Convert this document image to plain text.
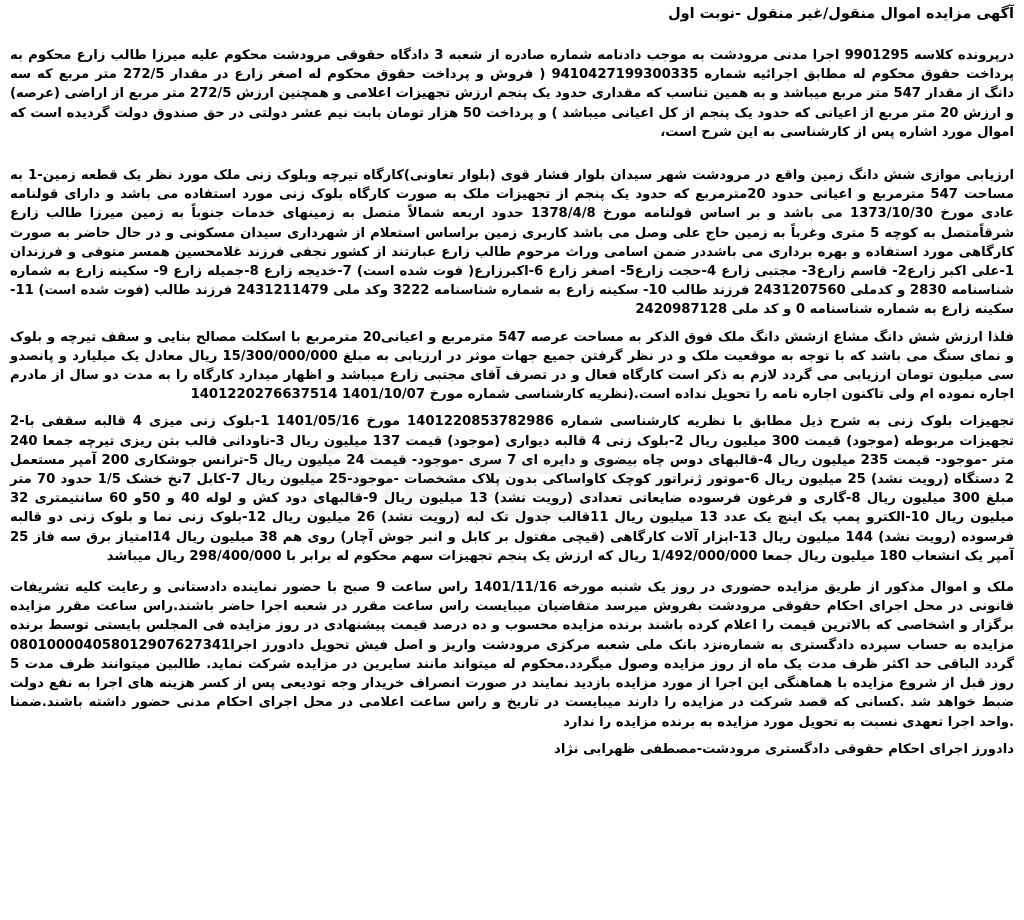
آگهی مزایده اموال منقول/غیر منقول -نوبت اول

درپرونده کلاسه 9901295 اجرا مدنی مرودشت به موجب دادنامه شماره صادره از شعبه 3 دادگاه حقوقی مرودشت محکوم علیه میرزا طالب زارع محکوم به پرداخت حقوق محکوم له مطابق اجرائیه شماره 9410427199300335 ( فروش و پرداخت حقوق محکوم له اصغر زارع در مقدار 272/5 متر مربع که سه دانگ از مقدار 547 متر مربع میباشد و به همین تناسب که مقداری حدود یک پنجم ارزش تجهیزات اعلامی و همچنین ارزش 272/5 متر مربع از اراضی (عرصه) و ارزش 20 متر مربع از اعیانی که حدود یک پنجم از کل اعیانی میباشد ) و پرداخت 50 هزار تومان بابت نیم عشر دولتی در حق صندوق دولت گردیده است که اموال مورد اشاره پس از کارشناسی به این شرح است،

ارزیابی موازی شش دانگ زمین واقع در مرودشت شهر سیدان بلوار فشار قوی (بلوار تعاونی)کارگاه تیرچه وبلوک زنی ملک مورد نظر یک قطعه زمین-1 به مساحت 547 مترمربع و اعیانی حدود 20مترمربع که حدود یک پنجم از تجهیزات ملک به صورت کارگاه بلوک زنی مورد استفاده می باشد و دارای قولنامه عادی مورخ 1373/10/30 می باشد و بر اساس قولنامه مورخ 1378/4/8 حدود اربعه شمالاً متصل به زمینهای خدمات جنوباً به زمین میرزا طالب زارع شرقاًمتصل به کوچه 5 متری وغرباً به زمین حاج علی وصل می باشد کاربری زمین براساس استعلام از شهرداری سیدان مسکونی و در حال حاضر به صورت کارگاهی مورد استفاده و بهره برداری می باشددر ضمن اسامی وراث مرحوم طالب زارع عبارتند از کشور نجفی فرزند غلامحسین همسر متوفی و فرزندان 1-علی اکبر زارع2- قاسم زارع3- مجتبی زارع 4-حجت زارع5- اصغر زارع 6-اکبرزارع( فوت شده است) 7-خدیجه زارع 8-جمیله زارع 9- سکینه زارع به شماره شناسنامه 2830 و کدملی 2431207560 فرزند طالب 10- سکینه زارع به شماره شناسنامه 3222 وکد ملی 2431211479 فرزند طالب (فوت شده است) 11- سکینه زارع به شماره شناسنامه 0 و کد ملی 2420987128

فلذا ارزش شش دانگ مشاع ازشش دانگ ملک فوق الذکر به مساحت عرصه 547 مترمربع و اعیانی20 مترمربع با اسکلت مصالح بنایی و سقف تیرچه و بلوک و نمای سنگ می باشد که با توجه به موقعیت ملک و در نظر گرفتن جمیع جهات موثر در ارزیابی به مبلغ 15/300/000/000 ریال معادل یک میلیارد و پانصدو سی میلیون تومان ارزیابی می گردد لازم به ذکر است کارگاه فعال و در تصرف آقای مجتبی زارع میباشد و اظهار میدارد کارگاه را به مدت دو سال از مادرم اجاره نموده ام ولی تاکنون اجاره نامه را تحویل نداده است.(نظریه کارشناسی شماره 140122027663751‪4 مورخ 1401/10/07

تجهیزات بلوک زنی به شرح ذیل مطابق با نظریه کارشناسی شماره 1401220853782986 مورخ 1401/05/16 1-بلوک زنی میزی 4 قالبه سقفی با-2 تجهیزات مربوطه (موجود) قیمت 300 میلیون ریال 2-بلوک زنی 4 قالبه دیواری (موجود) قیمت 137 میلیون ریال 3-ناودانی قالب بتن ریزی تیرچه جمعا 240 متر -موجود- قیمت 235 میلیون ریال 4-قالبهای دوس چاه بیضوی و دایره ای 7 سری -موجود- قیمت 24 میلیون ریال 5-ترانس جوشکاری 200 آمپر مستعمل 2 دستگاه (رویت نشد) 25 میلیون ریال 6-موتور ژنراتور کوچک کاواساکی بدون پلاک مشخصات -موجود-25 میلیون ریال 7-کابل 7نخ خشک 1/5 حدود 70 متر مبلغ 300 میلیون ریال 8-گاری و فرغون فرسوده ضایعاتی تعدادی (رویت نشد) 13 میلیون ریال 9-قالبهای دود کش و لوله 40 و 50و 60 سانتیمتری 32 میلیون ریال 10-الکترو پمپ یک اینچ یک عدد 13 میلیون ریال 11قالب جدول تک لبه (رویت نشد) 26 میلیون ریال 12-بلوک زنی نما و بلوک زنی دو قالبه فرسوده (رویت نشد) 144 میلیون ریال 13-ابزار آلات کارگاهی (قیچی مفتول بر کابل و انبر جوش آچار) روی هم 38 میلیون ریال 14امتیاز برق سه فاز 25 آمپر یک انشعاب 180 میلیون ریال جمعا 1/492/000/000 ریال که ارزش یک پنجم تجهیزات سهم محکوم له برابر با 298/400/000 ریال میباشد

ملک و اموال مذکور از طریق مزایده حضوری در روز یک شنبه مورخه 1401/11/16 راس ساعت 9 صبح با حضور نماینده دادستانی و رعایت کلیه تشریفات قانونی در محل اجرای احکام حقوقی مرودشت بفروش میرسد متقاضیان میبایست راس ساعت مقرر در شعبه اجرا حاضر باشند.راس ساعت مقرر مزایده برگزار و اشخاصی که بالاترین قیمت را اعلام کرده باشند برنده مزایده محسوب و ده درصد قیمت پیشنهادی در روز مزایده فی المجلس بایستی توسط برنده مزایده به حساب سپرده دادگستری به شماره0801000040580129076273‪41نزد بانک ملی شعبه مرکزی مرودشت واریز و اصل فیش تحویل دادورز اجرا گردد الباقی حد اکثر ظرف مدت یک ماه از روز مزایده وصول میگردد.محکوم له میتواند مانند سایرین در مزایده شرکت نماید. طالبین میتوانند ظرف مدت 5 روز قبل از شروع مزایده با هماهنگی این اجرا از مورد مزایده بازدید نمایند در صورت انصراف خریدار وجه تودیعی پس از کسر هزینه های اجرا به نفع دولت ضبط خواهد شد .کسانی که قصد شرکت در مزایده را دارند میبایست در تاریخ و راس ساعت اعلامی در محل اجرای احکام مدنی حضور داشته باشند.ضمنا واحد اجرا تعهدی نسبت به تحویل مورد مزایده به برنده مزایده را ندارد.

دادورز اجرای احکام حقوقی دادگستری مرودشت-مصطفی ظهرابی نژاد
